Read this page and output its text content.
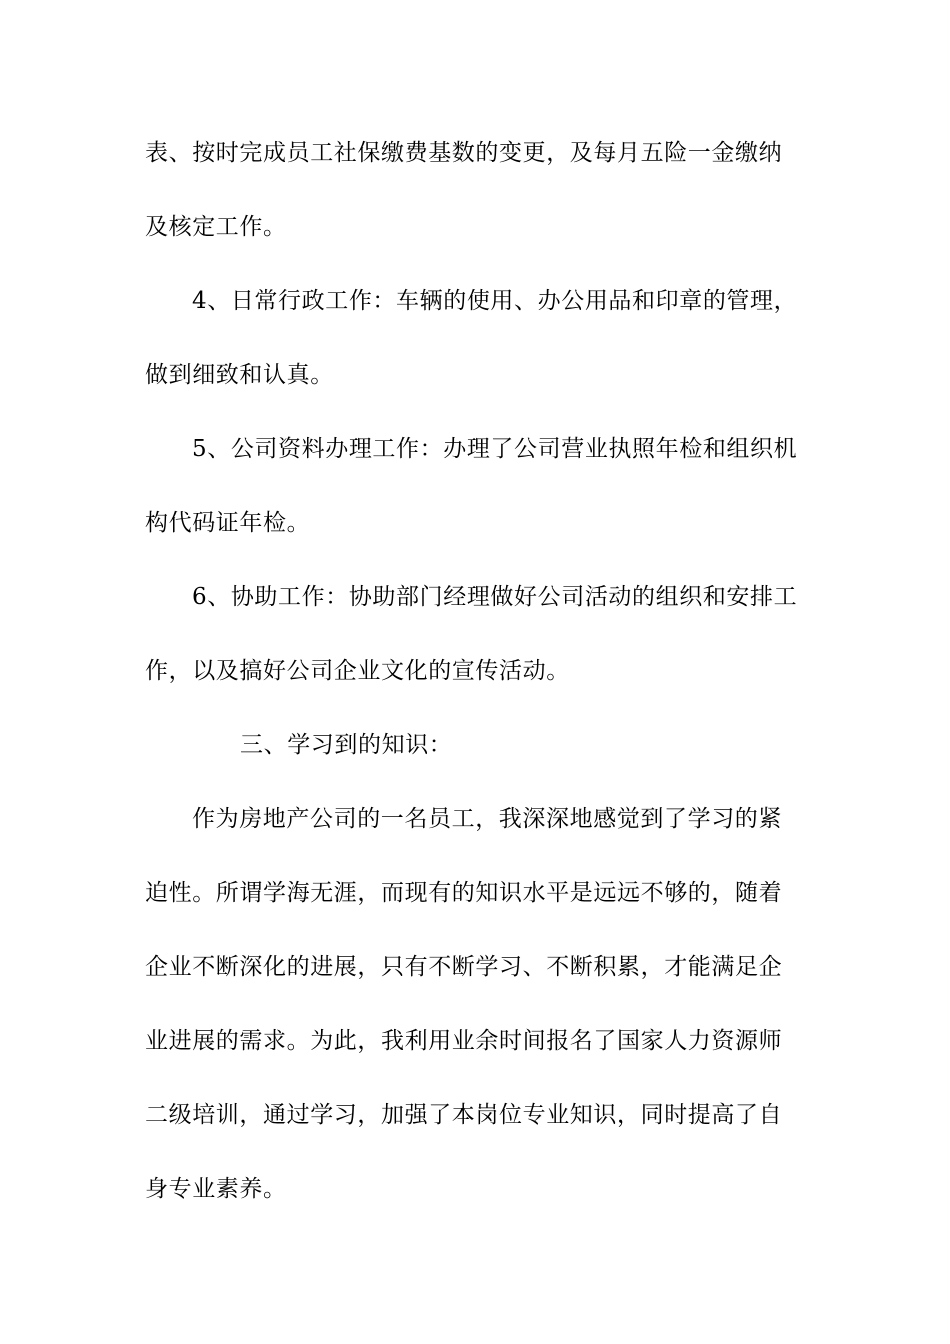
表、按时完成员工社保缴费基数的变更，及每月五险一金缴纳
及核定工作。
4、日常行政工作：车辆的使用、办公用品和印章的管理，
做到细致和认真。
5、公司资料办理工作：办理了公司营业执照年检和组织机
构代码证年检。
6、协助工作：协助部门经理做好公司活动的组织和安排工
作，以及搞好公司企业文化的宣传活动。
三、学习到的知识：
作为房地产公司的一名员工，我深深地感觉到了学习的紧
迫性。所谓学海无涯，而现有的知识水平是远远不够的，随着
企业不断深化的进展，只有不断学习、不断积累，才能满足企
业进展的需求。为此，我利用业余时间报名了国家人力资源师
二级培训，通过学习，加强了本岗位专业知识，同时提高了自
身专业素养。
